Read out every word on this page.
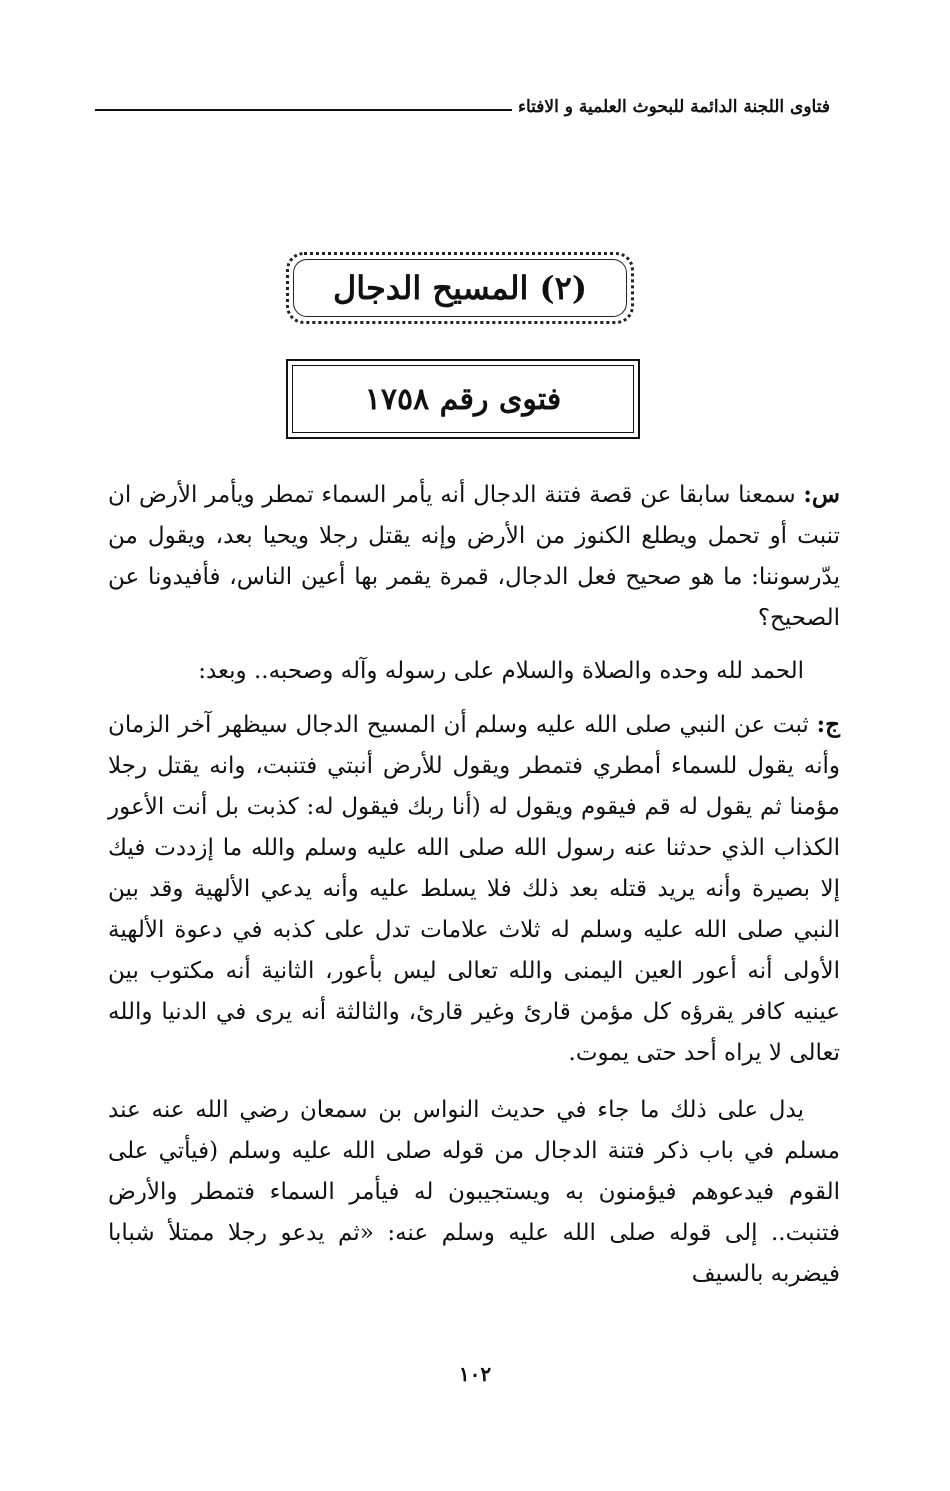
فتاوى اللجنة الدائمة للبحوث العلمية و الافتاء
(٢) المسيح الدجال
فتوى رقم ١٧٥٨

س: سمعنا سابقا عن قصة فتنة الدجال أنه يأمر السماء تمطر ويأمر الأرض ان تنبت أو تحمل ويطلع الكنوز من الأرض وإنه يقتل رجلا ويحيا بعد، ويقول من يدّرسوننا: ما هو صحيح فعل الدجال، قمرة يقمر بها أعين الناس، فأفيدونا عن الصحيح؟

الحمد لله وحده والصلاة والسلام على رسوله وآله وصحبه.. وبعد:

ج: ثبت عن النبي صلى الله عليه وسلم أن المسيح الدجال سيظهر آخر الزمان وأنه يقول للسماء أمطري فتمطر ويقول للأرض أنبتي فتنبت، وانه يقتل رجلا مؤمنا ثم يقول له قم فيقوم ويقول له (أنا ربك فيقول له: كذبت بل أنت الأعور الكذاب الذي حدثنا عنه رسول الله صلى الله عليه وسلم والله ما إزددت فيك إلا بصيرة وأنه يريد قتله بعد ذلك فلا يسلط عليه وأنه يدعي الألهية وقد بين النبي صلى الله عليه وسلم له ثلاث علامات تدل على كذبه في دعوة الألهية الأولى أنه أعور العين اليمنى والله تعالى ليس بأعور، الثانية أنه مكتوب بين عينيه كافر يقرؤه كل مؤمن قارئ وغير قارئ، والثالثة أنه يرى في الدنيا والله تعالى لا يراه أحد حتى يموت.

يدل على ذلك ما جاء في حديث النواس بن سمعان رضي الله عنه عند مسلم في باب ذكر فتنة الدجال من قوله صلى الله عليه وسلم (فيأتي على القوم فيدعوهم فيؤمنون به ويستجيبون له فيأمر السماء فتمطر والأرض فتنبت.. إلى قوله صلى الله عليه وسلم عنه: «ثم يدعو رجلا ممتلأ شبابا فيضربه بالسيف

١٠٢
